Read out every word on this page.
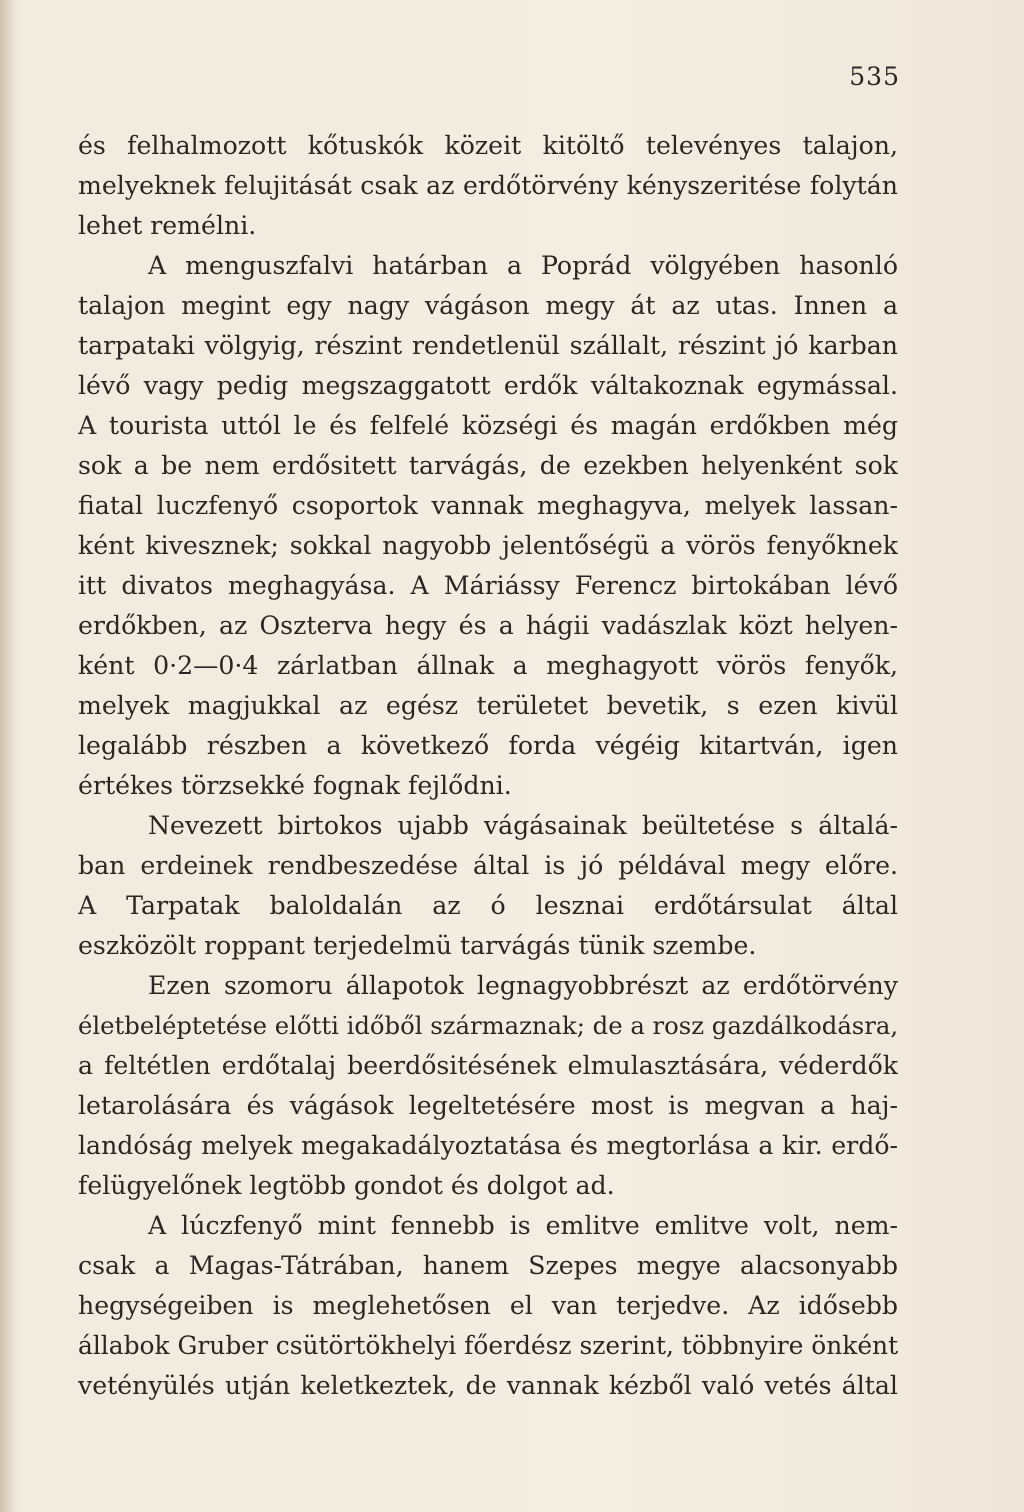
535
és felhalmozott kőtuskók közeit kitöltő televényes talajon,
melyeknek felujitását csak az erdőtörvény kényszeritése folytán
lehet remélni.
A menguszfalvi határban a Poprád völgyében hasonló
talajon megint egy nagy vágáson megy át az utas. Innen a
tarpataki völgyig, részint rendetlenül szállalt, részint jó karban
lévő vagy pedig megszaggatott erdők váltakoznak egymással.
A tourista uttól le és felfelé községi és magán erdőkben még
sok a be nem erdősitett tarvágás, de ezekben helyenként sok
fiatal luczfenyő csoportok vannak meghagyva, melyek lassan-
ként kivesznek; sokkal nagyobb jelentőségü a vörös fenyőknek
itt divatos meghagyása. A Máriássy Ferencz birtokában lévő
erdőkben, az Oszterva hegy és a hágii vadászlak közt helyen-
ként 0·2—0·4 zárlatban állnak a meghagyott vörös fenyők,
melyek magjukkal az egész területet bevetik, s ezen kivül
legalább részben a következő forda végéig kitartván, igen
értékes törzsekké fognak fejlődni.
Nevezett birtokos ujabb vágásainak beültetése s általá-
ban erdeinek rendbeszedése által is jó példával megy előre.
A Tarpatak baloldalán az ó lesznai erdőtársulat által
eszközölt roppant terjedelmü tarvágás tünik szembe.
Ezen szomoru állapotok legnagyobbrészt az erdőtörvény
életbeléptetése előtti időből származnak; de a rosz gazdálkodásra,
a feltétlen erdőtalaj beerdősitésének elmulasztására, véderdők
letarolására és vágások legeltetésére most is megvan a haj-
landóság melyek megakadályoztatása és megtorlása a kir. erdő-
felügyelőnek legtöbb gondot és dolgot ad.
A lúczfenyő mint fennebb is emlitve emlitve volt, nem-
csak a Magas-Tátrában, hanem Szepes megye alacsonyabb
hegységeiben is meglehetősen el van terjedve. Az idősebb
állabok Gruber csütörtökhelyi főerdész szerint, többnyire önként
vetényülés utján keletkeztek, de vannak kézből való vetés által
